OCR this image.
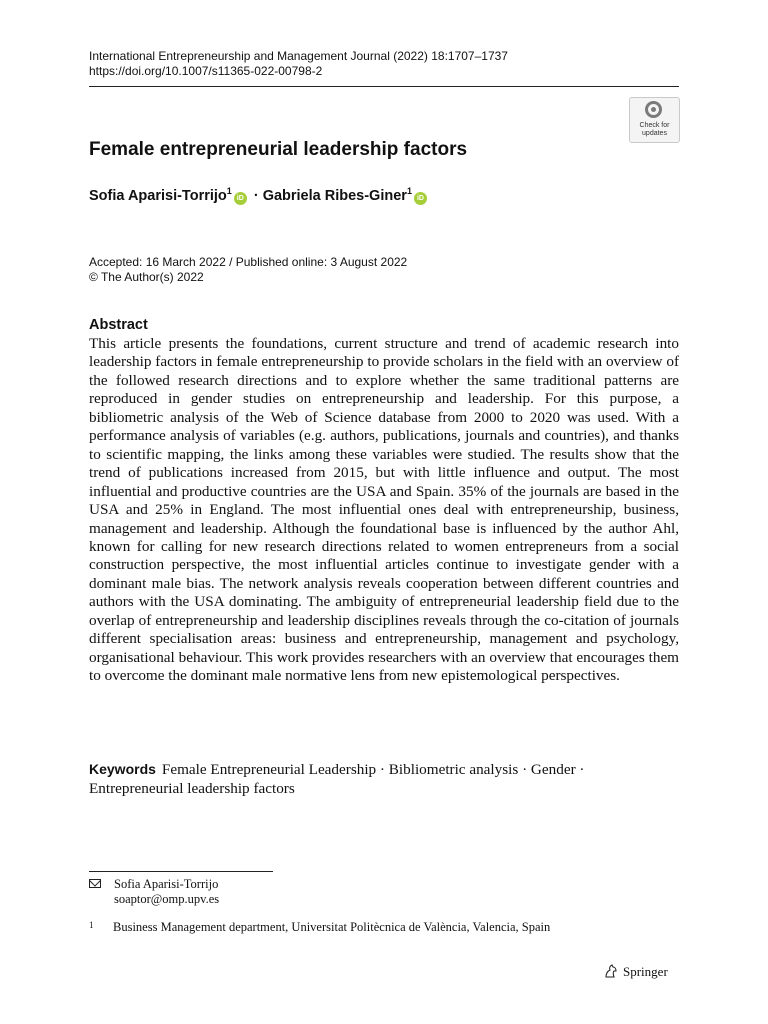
International Entrepreneurship and Management Journal (2022) 18:1707–1737
https://doi.org/10.1007/s11365-022-00798-2
Check for
updates
Female entrepreneurial leadership factors
Sofia Aparisi-Torrijo$^1$iD · Gabriela Ribes-Giner$^1$iD
Accepted: 16 March 2022 / Published online: 3 August 2022
© The Author(s) 2022
Abstract
This article presents the foundations, current structure and trend of academic research into leadership factors in female entrepreneurship to provide scholars in the field with an overview of the followed research directions and to explore whether the same traditional patterns are reproduced in gender studies on entrepreneurship and leadership. For this purpose, a bibliometric analysis of the Web of Science database from 2000 to 2020 was used. With a performance analysis of variables (e.g. authors, publications, journals and countries), and thanks to scientific mapping, the links among these variables were studied. The results show that the trend of publications increased from 2015, but with little influence and output. The most influential and productive countries are the USA and Spain. 35% of the journals are based in the USA and 25% in England. The most influential ones deal with entrepreneurship, business, management and leadership. Although the foundational base is influenced by the author Ahl, known for calling for new research directions related to women entrepreneurs from a social construction perspective, the most influential articles continue to investigate gender with a dominant male bias. The network analysis reveals cooperation between different countries and authors with the USA dominating. The ambiguity of entrepreneurial leadership field due to the overlap of entrepreneurship and leadership disciplines reveals through the co-citation of journals different specialisation areas: business and entrepreneurship, management and psychology, organisational behaviour. This work provides researchers with an overview that encourages them to overcome the dominant male normative lens from new epistemological perspectives.
Keywords Female Entrepreneurial Leadership · Bibliometric analysis · Gender · Entrepreneurial leadership factors
Sofia Aparisi-Torrijo
soaptor@omp.upv.es
1 Business Management department, Universitat Politècnica de València, Valencia, Spain
Springer
